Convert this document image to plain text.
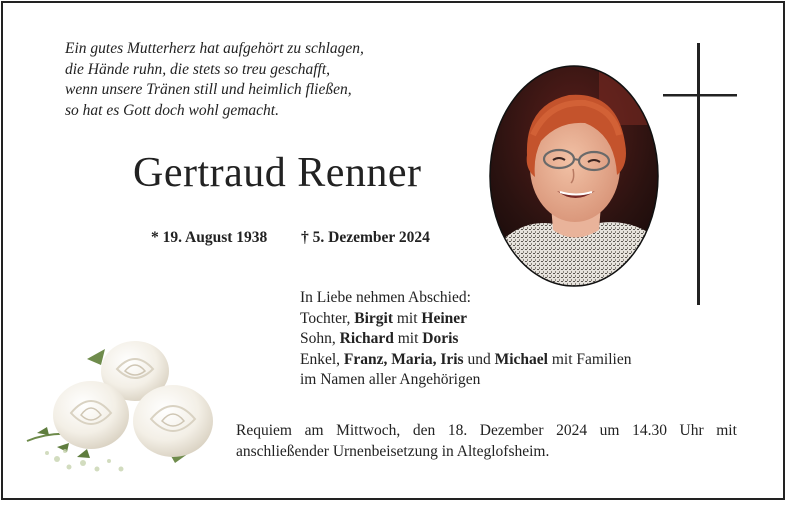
Ein gutes Mutterherz hat aufgehört zu schlagen,
die Hände ruhn, die stets so treu geschafft,
wenn unsere Tränen still und heimlich fließen,
so hat es Gott doch wohl gemacht.
Gertraud Renner
* 19. August 1938 † 5. Dezember 2024
In Liebe nehmen Abschied:
Tochter, Birgit mit Heiner
Sohn, Richard mit Doris
Enkel, Franz, Maria, Iris und Michael mit Familien
im Namen aller Angehörigen
Requiem am Mittwoch, den 18. Dezember 2024 um 14.30 Uhr mit
anschließender Urnenbeisetzung in Alteglofsheim.
